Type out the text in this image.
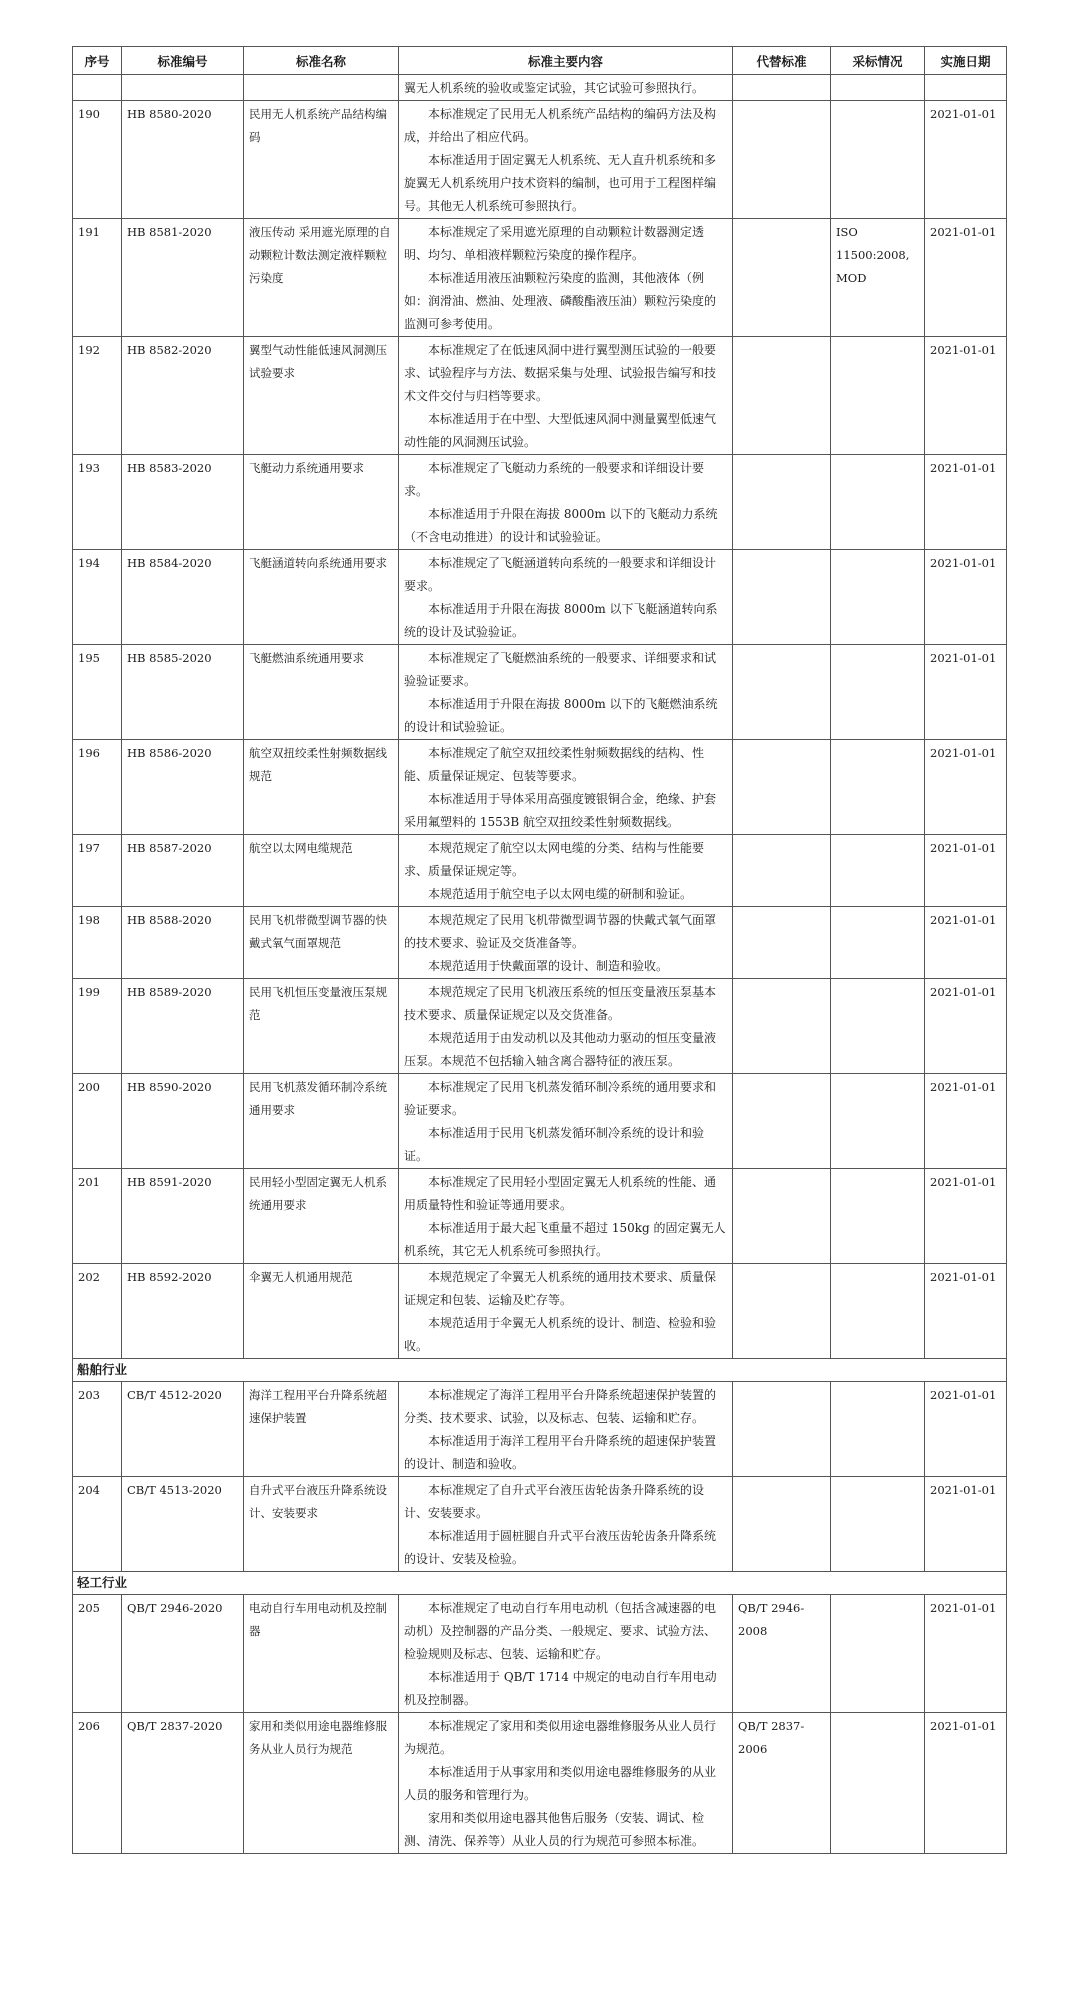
序号	标准编号	标准名称	标准主要内容	代替标准	采标情况	实施日期

			翼无人机系统的验收或鉴定试验，其它试验可参照执行。			

190	HB 8580-2020	民用无人机系统产品结构编码	本标准规定了民用无人机系统产品结构的编码方法及构成，并给出了相应代码。

本标准适用于固定翼无人机系统、无人直升机系统和多旋翼无人机系统用户技术资料的编制，也可用于工程图样编号。其他无人机系统可参照执行。			2021-01-01
191	HB 8581-2020	液压传动 采用遮光原理的自动颗粒计数法测定液样颗粒污染度	本标准规定了采用遮光原理的自动颗粒计数器测定透明、均匀、单相液样颗粒污染度的操作程序。

本标准适用液压油颗粒污染度的监测，其他液体（例如：润滑油、燃油、处理液、磷酸酯液压油）颗粒污染度的监测可参考使用。		ISO 11500:2008, MOD	2021-01-01
192	HB 8582-2020	翼型气动性能低速风洞测压试验要求	本标准规定了在低速风洞中进行翼型测压试验的一般要求、试验程序与方法、数据采集与处理、试验报告编写和技术文件交付与归档等要求。

本标准适用于在中型、大型低速风洞中测量翼型低速气动性能的风洞测压试验。			2021-01-01
193	HB 8583-2020	飞艇动力系统通用要求	本标准规定了飞艇动力系统的一般要求和详细设计要求。

本标准适用于升限在海拔 8000m 以下的飞艇动力系统（不含电动推进）的设计和试验验证。			2021-01-01
194	HB 8584-2020	飞艇涵道转向系统通用要求	本标准规定了飞艇涵道转向系统的一般要求和详细设计要求。

本标准适用于升限在海拔 8000m 以下飞艇涵道转向系统的设计及试验验证。			2021-01-01
195	HB 8585-2020	飞艇燃油系统通用要求	本标准规定了飞艇燃油系统的一般要求、详细要求和试验验证要求。

本标准适用于升限在海拔 8000m 以下的飞艇燃油系统的设计和试验验证。			2021-01-01
196	HB 8586-2020	航空双扭绞柔性射频数据线规范	本标准规定了航空双扭绞柔性射频数据线的结构、性能、质量保证规定、包装等要求。

本标准适用于导体采用高强度镀银铜合金，绝缘、护套采用氟塑料的 1553B 航空双扭绞柔性射频数据线。			2021-01-01
197	HB 8587-2020	航空以太网电缆规范	本规范规定了航空以太网电缆的分类、结构与性能要求、质量保证规定等。

本规范适用于航空电子以太网电缆的研制和验证。			2021-01-01
198	HB 8588-2020	民用飞机带微型调节器的快戴式氧气面罩规范	本规范规定了民用飞机带微型调节器的快戴式氧气面罩的技术要求、验证及交货准备等。

本规范适用于快戴面罩的设计、制造和验收。			2021-01-01
199	HB 8589-2020	民用飞机恒压变量液压泵规范	本规范规定了民用飞机液压系统的恒压变量液压泵基本技术要求、质量保证规定以及交货准备。

本规范适用于由发动机以及其他动力驱动的恒压变量液压泵。本规范不包括输入轴含离合器特征的液压泵。			2021-01-01
200	HB 8590-2020	民用飞机蒸发循环制冷系统通用要求	本标准规定了民用飞机蒸发循环制冷系统的通用要求和验证要求。

本标准适用于民用飞机蒸发循环制冷系统的设计和验证。			2021-01-01
201	HB 8591-2020	民用轻小型固定翼无人机系统通用要求	本标准规定了民用轻小型固定翼无人机系统的性能、通用质量特性和验证等通用要求。

本标准适用于最大起飞重量不超过 150kg 的固定翼无人机系统，其它无人机系统可参照执行。			2021-01-01
202	HB 8592-2020	伞翼无人机通用规范	本规范规定了伞翼无人机系统的通用技术要求、质量保证规定和包装、运输及贮存等。

本规范适用于伞翼无人机系统的设计、制造、检验和验收。			2021-01-01
船舶行业						
203	CB/T 4512-2020	海洋工程用平台升降系统超速保护装置	本标准规定了海洋工程用平台升降系统超速保护装置的分类、技术要求、试验，以及标志、包装、运输和贮存。

本标准适用于海洋工程用平台升降系统的超速保护装置的设计、制造和验收。			2021-01-01
204	CB/T 4513-2020	自升式平台液压升降系统设计、安装要求	本标准规定了自升式平台液压齿轮齿条升降系统的设计、安装要求。

本标准适用于圆桩腿自升式平台液压齿轮齿条升降系统的设计、安装及检验。			2021-01-01
轻工行业						
205	QB/T 2946-2020	电动自行车用电动机及控制器	本标准规定了电动自行车用电动机（包括含减速器的电动机）及控制器的产品分类、一般规定、要求、试验方法、检验规则及标志、包装、运输和贮存。

本标准适用于 QB/T 1714 中规定的电动自行车用电动机及控制器。	QB/T 2946-2008		2021-01-01
206	QB/T 2837-2020	家用和类似用途电器维修服务从业人员行为规范	本标准规定了家用和类似用途电器维修服务从业人员行为规范。

本标准适用于从事家用和类似用途电器维修服务的从业人员的服务和管理行为。

家用和类似用途电器其他售后服务（安装、调试、检测、清洗、保养等）从业人员的行为规范可参照本标准。	QB/T 2837-2006		2021-01-01
